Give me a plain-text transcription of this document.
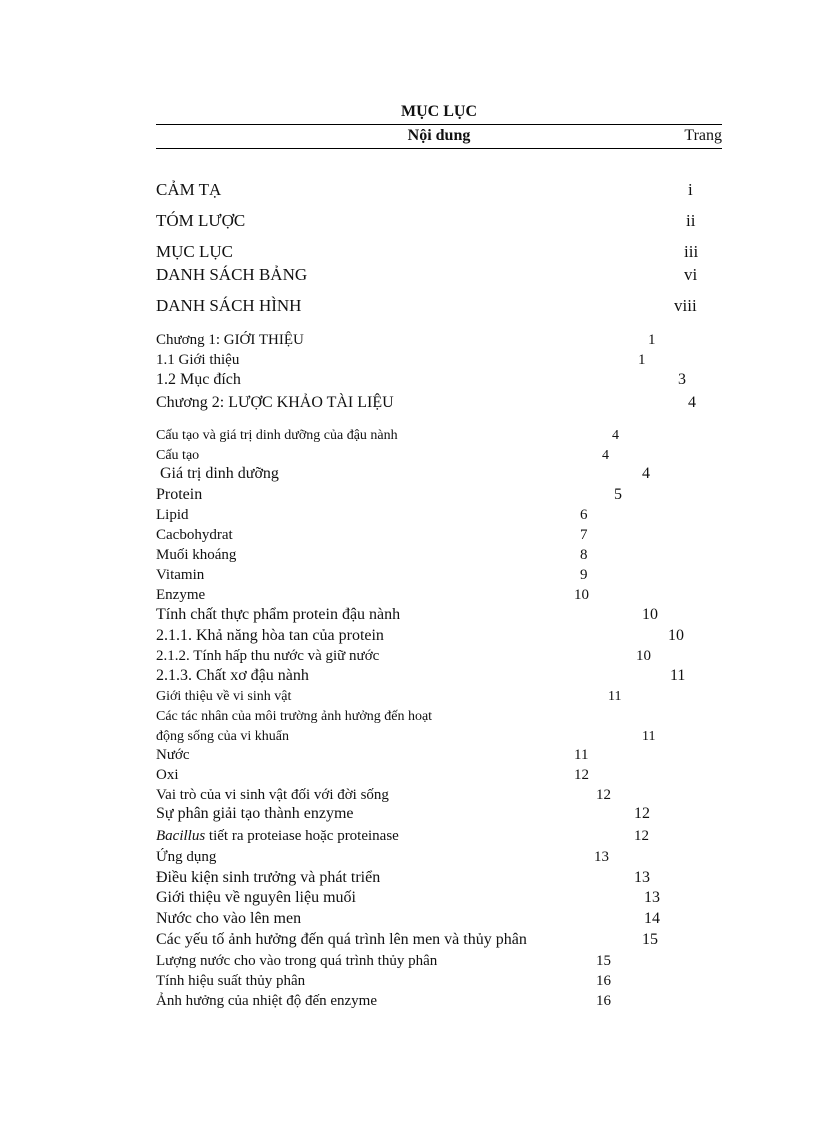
MỤC LỤC
Nội dung	Trang
CẢM TẠ	i
TÓM LƯỢC	ii
MỤC LỤC	iii
DANH SÁCH BẢNG	vi
DANH SÁCH HÌNH	viii
Chương 1: GIỚI THIỆU	1
1.1 Giới thiệu	1
1.2 Mục đích	3
Chương 2: LƯỢC KHẢO TÀI LIỆU	4
Cấu tạo và giá trị dinh dưỡng của đậu nành	4
Cấu tạo	4
Giá trị dinh dưỡng	4
Protein	5
Lipid	6
Cacbohydrat	7
Muối khoáng	8
Vitamin	9
Enzyme	10
Tính chất thực phẩm protein đậu nành	10
2.1.1. Khả năng hòa tan của protein	10
2.1.2. Tính hấp thu nước và giữ nước	10
2.1.3. Chất xơ đậu nành	11
Giới thiệu về vi sinh vật	11
Các tác nhân của môi trường ảnh hưởng đến hoạt
động sống của vi khuẩn	11
Nước	11
Oxi	12
Vai trò của vi sinh vật đối với đời sống	12
Sự phân giải tạo thành enzyme	12
Bacillus tiết ra proteiase hoặc proteinase	12
Ứng dụng	13
Điều kiện sinh trưởng và phát triển	13
Giới thiệu về nguyên liệu muối	13
Nước cho vào lên men	14
Các yếu tố ảnh hưởng đến quá trình lên men và thủy phân	15
Lượng nước cho vào trong quá trình thủy phân	15
Tính hiệu suất thủy phân	16
Ảnh hưởng của nhiệt độ đến enzyme	16
